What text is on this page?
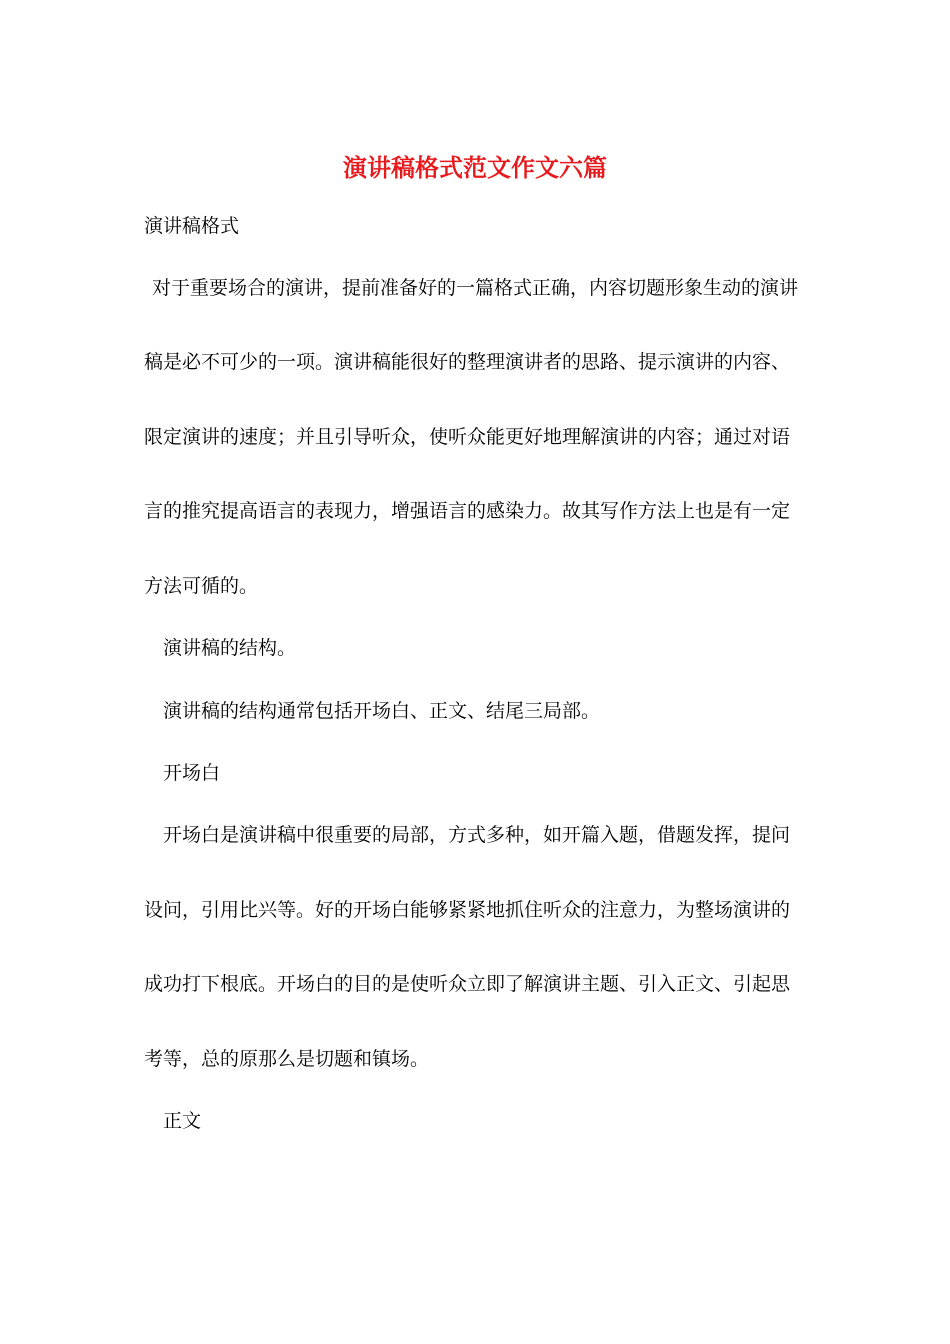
演讲稿格式范文作文六篇
演讲稿格式
对于重要场合的演讲，提前准备好的一篇格式正确，内容切题形象生动的演讲
稿是必不可少的一项。演讲稿能很好的整理演讲者的思路、提示演讲的内容、
限定演讲的速度；并且引导听众，使听众能更好地理解演讲的内容；通过对语
言的推究提高语言的表现力，增强语言的感染力。故其写作方法上也是有一定
方法可循的。
演讲稿的结构。
演讲稿的结构通常包括开场白、正文、结尾三局部。
开场白
开场白是演讲稿中很重要的局部，方式多种，如开篇入题，借题发挥，提问
设问，引用比兴等。好的开场白能够紧紧地抓住听众的注意力，为整场演讲的
成功打下根底。开场白的目的是使听众立即了解演讲主题、引入正文、引起思
考等，总的原那么是切题和镇场。
正文
